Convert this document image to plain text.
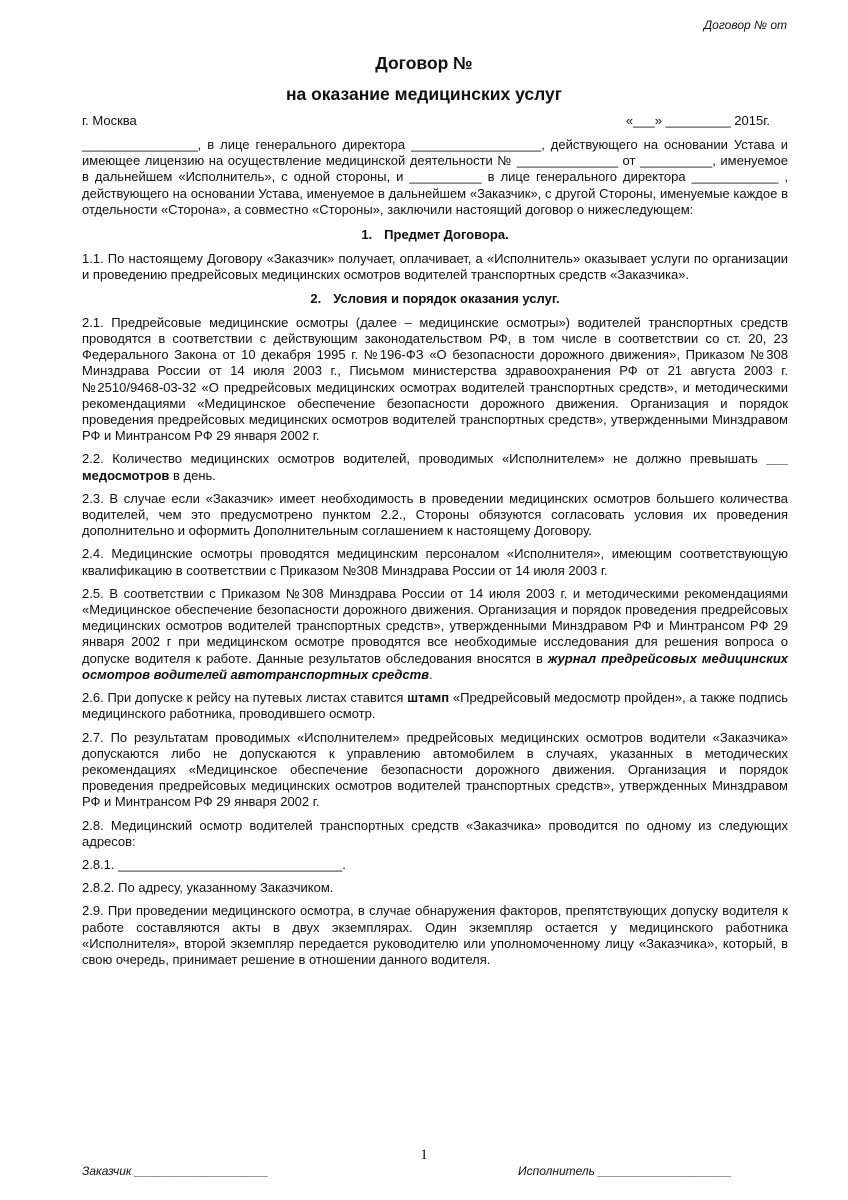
Договор № от
Договор №
на оказание медицинских услуг
г. Москва	«___» _________ 2015г.

________________, в лице генерального директора __________________, действующего на основании Устава и имеющее лицензию на осуществление медицинской деятельности № ______________ от __________, именуемое в дальнейшем «Исполнитель», с одной стороны, и __________ в лице генерального директора ____________ , действующего на основании Устава, именуемое в дальнейшем «Заказчик», с другой Стороны, именуемые каждое в отдельности «Сторона», а совместно «Стороны», заключили настоящий договор о нижеследующем:

1. Предмет Договора.

1.1. По настоящему Договору «Заказчик» получает, оплачивает, а «Исполнитель» оказывает услуги по организации и проведению предрейсовых медицинских осмотров водителей транспортных средств «Заказчика».

2. Условия и порядок оказания услуг.

2.1. Предрейсовые медицинские осмотры (далее – медицинские осмотры») водителей транспортных средств проводятся в соответствии с действующим законодательством РФ, в том числе в соответствии со ст. 20, 23 Федерального Закона от 10 декабря 1995 г. №196-ФЗ «О безопасности дорожного движения», Приказом №308 Минздрава России от 14 июля 2003 г., Письмом министерства здравоохранения РФ от 21 августа 2003 г. №2510/9468-03-32 «О предрейсовых медицинских осмотрах водителей транспортных средств», и методическими рекомендациями «Медицинское обеспечение безопасности дорожного движения. Организация и порядок проведения предрейсовых медицинских осмотров водителей транспортных средств», утвержденными Минздравом РФ и Минтрансом РФ 29 января 2002 г.

2.2. Количество медицинских осмотров водителей, проводимых «Исполнителем» не должно превышать ___ медосмотров в день.

2.3. В случае если «Заказчик» имеет необходимость в проведении медицинских осмотров большего количества водителей, чем это предусмотрено пунктом 2.2., Стороны обязуются согласовать условия их проведения дополнительно и оформить Дополнительным соглашением к настоящему Договору.

2.4. Медицинские осмотры проводятся медицинским персоналом «Исполнителя», имеющим соответствующую квалификацию в соответствии с Приказом №308 Минздрава России от 14 июля 2003 г.

2.5. В соответствии с Приказом №308 Минздрава России от 14 июля 2003 г. и методическими рекомендациями «Медицинское обеспечение безопасности дорожного движения. Организация и порядок проведения предрейсовых медицинских осмотров водителей транспортных средств», утвержденными Минздравом РФ и Минтрансом РФ 29 января 2002 г при медицинском осмотре проводятся все необходимые исследования для решения вопроса о допуске водителя к работе. Данные результатов обследования вносятся в журнал предрейсовых медицинских осмотров водителей автотранспортных средств.

2.6. При допуске к рейсу на путевых листах ставится штамп «Предрейсовый медосмотр пройден», а также подпись медицинского работника, проводившего осмотр.

2.7. По результатам проводимых «Исполнителем» предрейсовых медицинских осмотров водители «Заказчика» допускаются либо не допускаются к управлению автомобилем в случаях, указанных в методических рекомендациях «Медицинское обеспечение безопасности дорожного движения. Организация и порядок проведения предрейсовых медицинских осмотров водителей транспортных средств», утвержденных Минздравом РФ и Минтрансом РФ 29 января 2002 г.

2.8. Медицинский осмотр водителей транспортных средств «Заказчика» проводится по одному из следующих адресов:

2.8.1. _______________________________.

2.8.2. По адресу, указанному Заказчиком.

2.9. При проведении медицинского осмотра, в случае обнаружения факторов, препятствующих допуску водителя к работе составляются акты в двух экземплярах. Один экземпляр остается у медицинского работника «Исполнителя», второй экземпляр передается руководителю или уполномоченному лицу «Заказчика», который, в свою очередь, принимает решение в отношении данного водителя.

1
Заказчик ____________________	Исполнитель ____________________
